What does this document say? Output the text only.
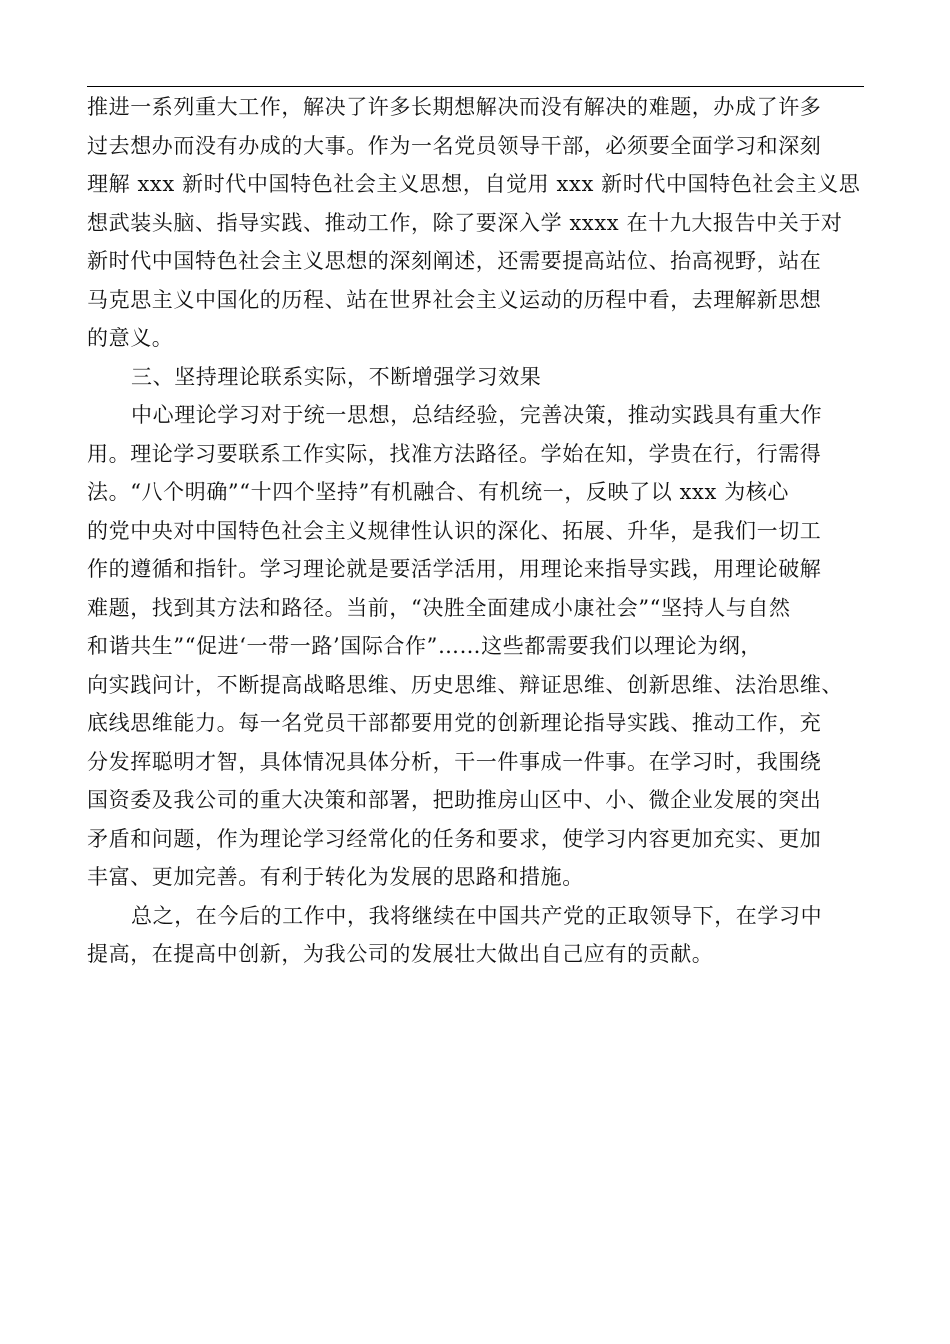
推进一系列重大工作，解决了许多长期想解决而没有解决的难题，办成了许多
过去想办而没有办成的大事。作为一名党员领导干部，必须要全面学习和深刻
理解 xxx 新时代中国特色社会主义思想，自觉用 xxx 新时代中国特色社会主义思
想武装头脑、指导实践、推动工作，除了要深入学 xxxx 在十九大报告中关于对
新时代中国特色社会主义思想的深刻阐述，还需要提高站位、抬高视野，站在
马克思主义中国化的历程、站在世界社会主义运动的历程中看，去理解新思想
的意义。
三、坚持理论联系实际，不断增强学习效果
中心理论学习对于统一思想，总结经验，完善决策，推动实践具有重大作
用。理论学习要联系工作实际，找准方法路径。学始在知，学贵在行，行需得
法。“八个明确”“十四个坚持”有机融合、有机统一，反映了以 xxx 为核心
的党中央对中国特色社会主义规律性认识的深化、拓展、升华，是我们一切工
作的遵循和指针。学习理论就是要活学活用，用理论来指导实践，用理论破解
难题，找到其方法和路径。当前，“决胜全面建成小康社会”“坚持人与自然
和谐共生”“促进‘一带一路’国际合作”……这些都需要我们以理论为纲，
向实践问计，不断提高战略思维、历史思维、辩证思维、创新思维、法治思维、
底线思维能力。每一名党员干部都要用党的创新理论指导实践、推动工作，充
分发挥聪明才智，具体情况具体分析，干一件事成一件事。在学习时，我围绕
国资委及我公司的重大决策和部署，把助推房山区中、小、微企业发展的突出
矛盾和问题，作为理论学习经常化的任务和要求，使学习内容更加充实、更加
丰富、更加完善。有利于转化为发展的思路和措施。
总之，在今后的工作中，我将继续在中国共产党的正取领导下，在学习中
提高，在提高中创新，为我公司的发展壮大做出自己应有的贡献。
